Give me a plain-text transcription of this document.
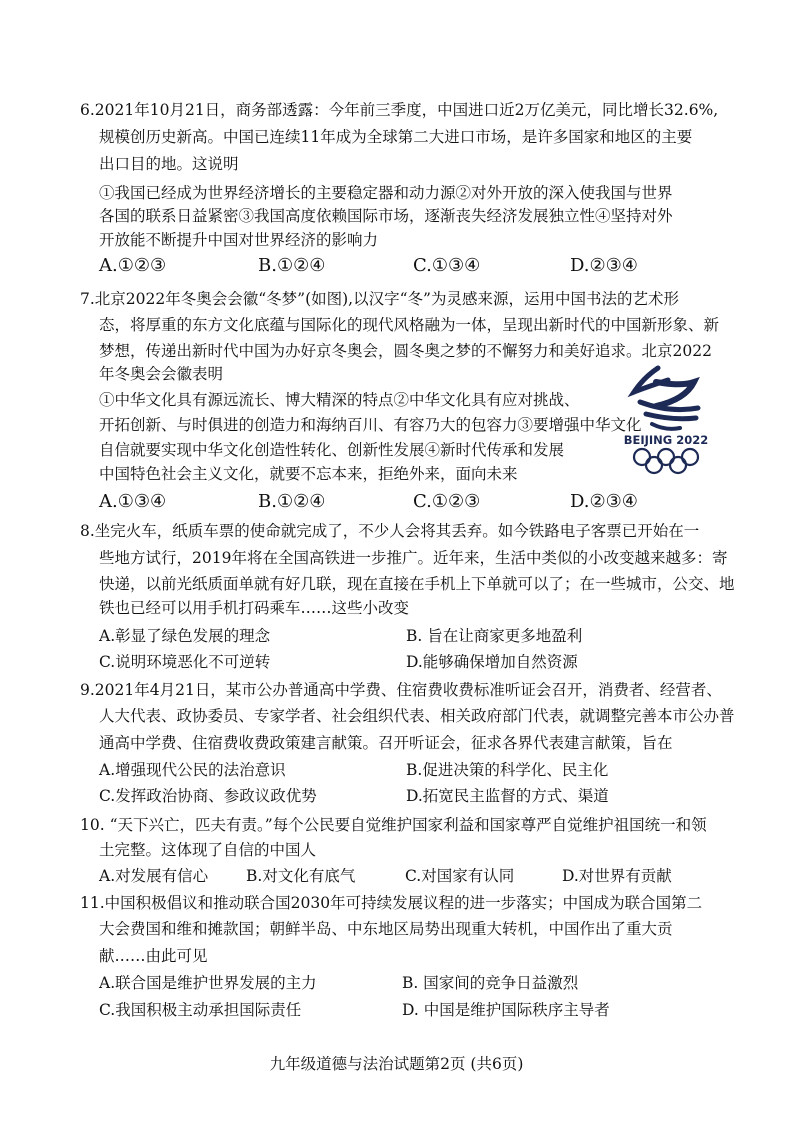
6.2021年10月21日，商务部透露：今年前三季度，中国进口近2万亿美元，同比增长32.6%,
规模创历史新高。中国已连续11年成为全球第二大进口市场，是许多国家和地区的主要
出口目的地。这说明
①我国已经成为世界经济增长的主要稳定器和动力源②对外开放的深入使我国与世界
各国的联系日益紧密③我国高度依赖国际市场，逐渐丧失经济发展独立性④坚持对外
开放能不断提升中国对世界经济的影响力
A.①②③	B.①②④	C.①③④	D.②③④
7.北京2022年冬奥会会徽“冬梦”(如图),以汉字“冬”为灵感来源，运用中国书法的艺术形
态，将厚重的东方文化底蕴与国际化的现代风格融为一体，呈现出新时代的中国新形象、新
梦想，传递出新时代中国为办好京冬奥会，圆冬奥之梦的不懈努力和美好追求。北京2022
年冬奥会会徽表明
①中华文化具有源远流长、博大精深的特点②中华文化具有应对挑战、
开拓创新、与时俱进的创造力和海纳百川、有容乃大的包容力③要增强中华文化
自信就要实现中华文化创造性转化、创新性发展④新时代传承和发展
中国特色社会主义文化，就要不忘本来，拒绝外来，面向未来
A.①③④	B.①②④	C.①②③	D.②③④
BEIJING 2022
8.坐完火车，纸质车票的使命就完成了，不少人会将其丢弃。如今铁路电子客票已开始在一
些地方试行，2019年将在全国高铁进一步推广。近年来，生活中类似的小改变越来越多：寄
快递，以前光纸质面单就有好几联，现在直接在手机上下单就可以了；在一些城市，公交、地
铁也已经可以用手机打码乘车……这些小改变
A.彰显了绿色发展的理念	B. 旨在让商家更多地盈利
C.说明环境恶化不可逆转	D.能够确保增加自然资源
9.2021年4月21日，某市公办普通高中学费、住宿费收费标准听证会召开，消费者、经营者、
人大代表、政协委员、专家学者、社会组织代表、相关政府部门代表，就调整完善本市公办普
通高中学费、住宿费收费政策建言献策。召开听证会，征求各界代表建言献策，旨在
A.增强现代公民的法治意识	B.促进决策的科学化、民主化
C.发挥政治协商、参政议政优势	D.拓宽民主监督的方式、渠道
10. “天下兴亡，匹夫有责。”每个公民要自觉维护国家利益和国家尊严自觉维护祖国统一和领
土完整。这体现了自信的中国人
A.对发展有信心 B.对文化有底气	C.对国家有认同	D.对世界有贡献
11.中国积极倡议和推动联合国2030年可持续发展议程的进一步落实；中国成为联合国第二
大会费国和维和摊款国；朝鲜半岛、中东地区局势出现重大转机，中国作出了重大贡
献……由此可见
A.联合国是维护世界发展的主力	B. 国家间的竞争日益激烈
C.我国积极主动承担国际责任	D. 中国是维护国际秩序主导者
九年级道德与法治试题第2页 (共6页)
